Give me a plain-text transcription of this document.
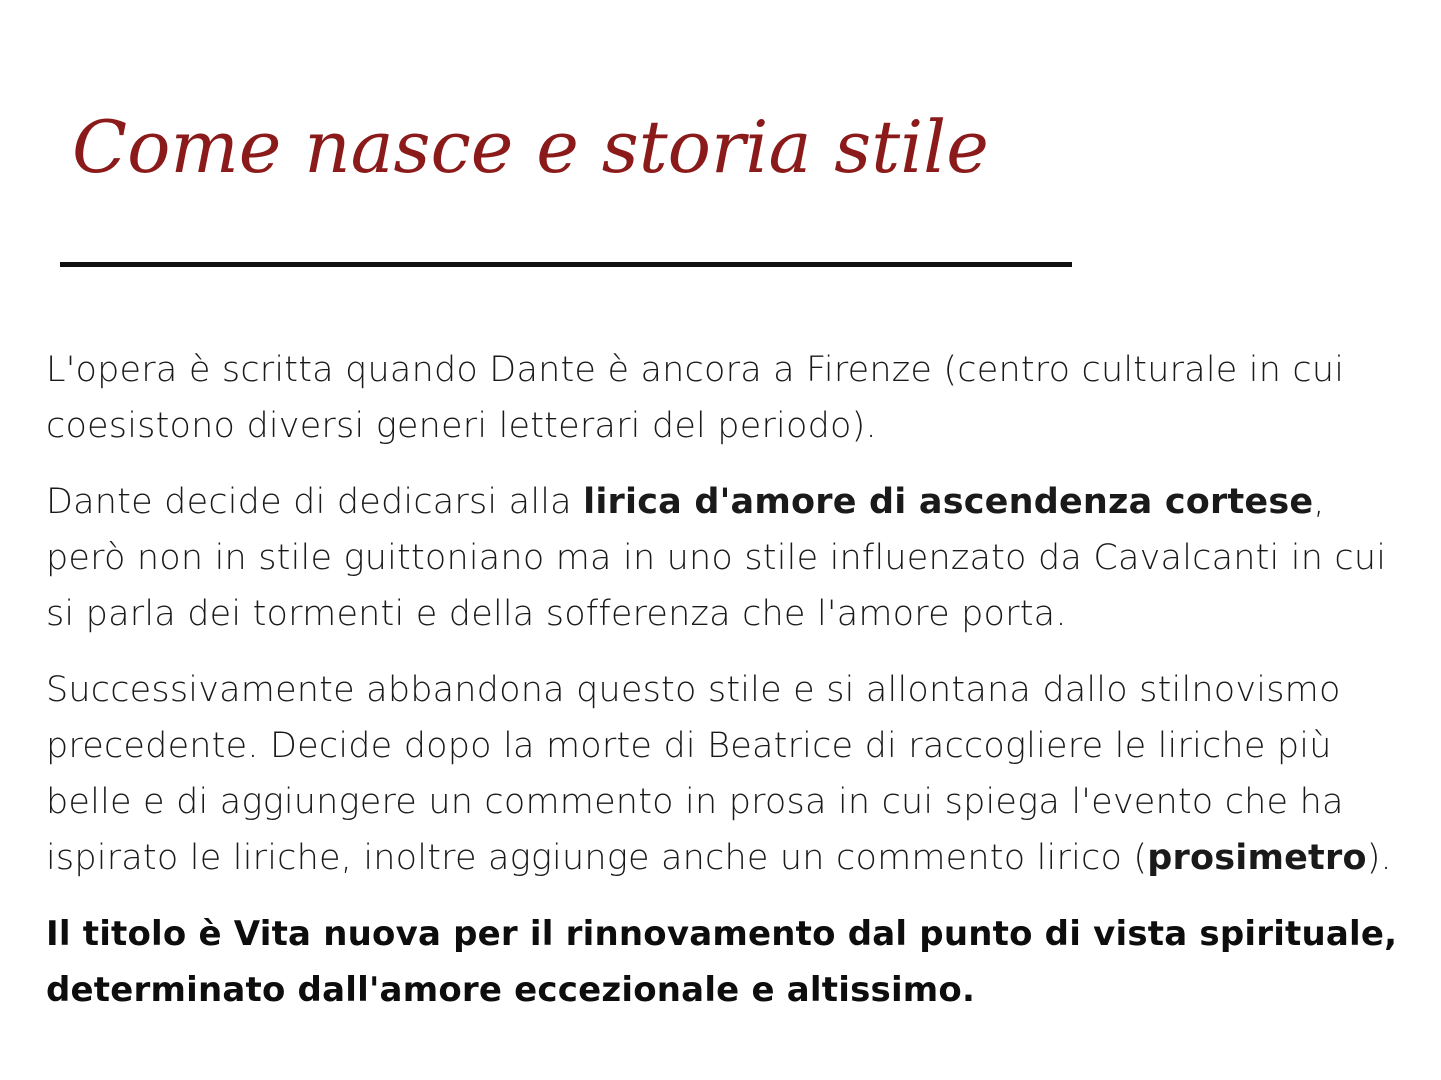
Come nasce e storia stile

L'opera è scritta quando Dante è ancora a Firenze (centro culturale in cui coesistono diversi generi letterari del periodo).

Dante decide di dedicarsi alla lirica d'amore di ascendenza cortese, però non in stile guittoniano ma in uno stile influenzato da Cavalcanti in cui si parla dei tormenti e della sofferenza che l'amore porta.

Successivamente abbandona questo stile e si allontana dallo stilnovismo precedente. Decide dopo la morte di Beatrice di raccogliere le liriche più belle e di aggiungere un commento in prosa in cui spiega l'evento che ha ispirato le liriche, inoltre aggiunge anche un commento lirico (prosimetro).

Il titolo è Vita nuova per il rinnovamento dal punto di vista spirituale, determinato dall'amore eccezionale e altissimo.
